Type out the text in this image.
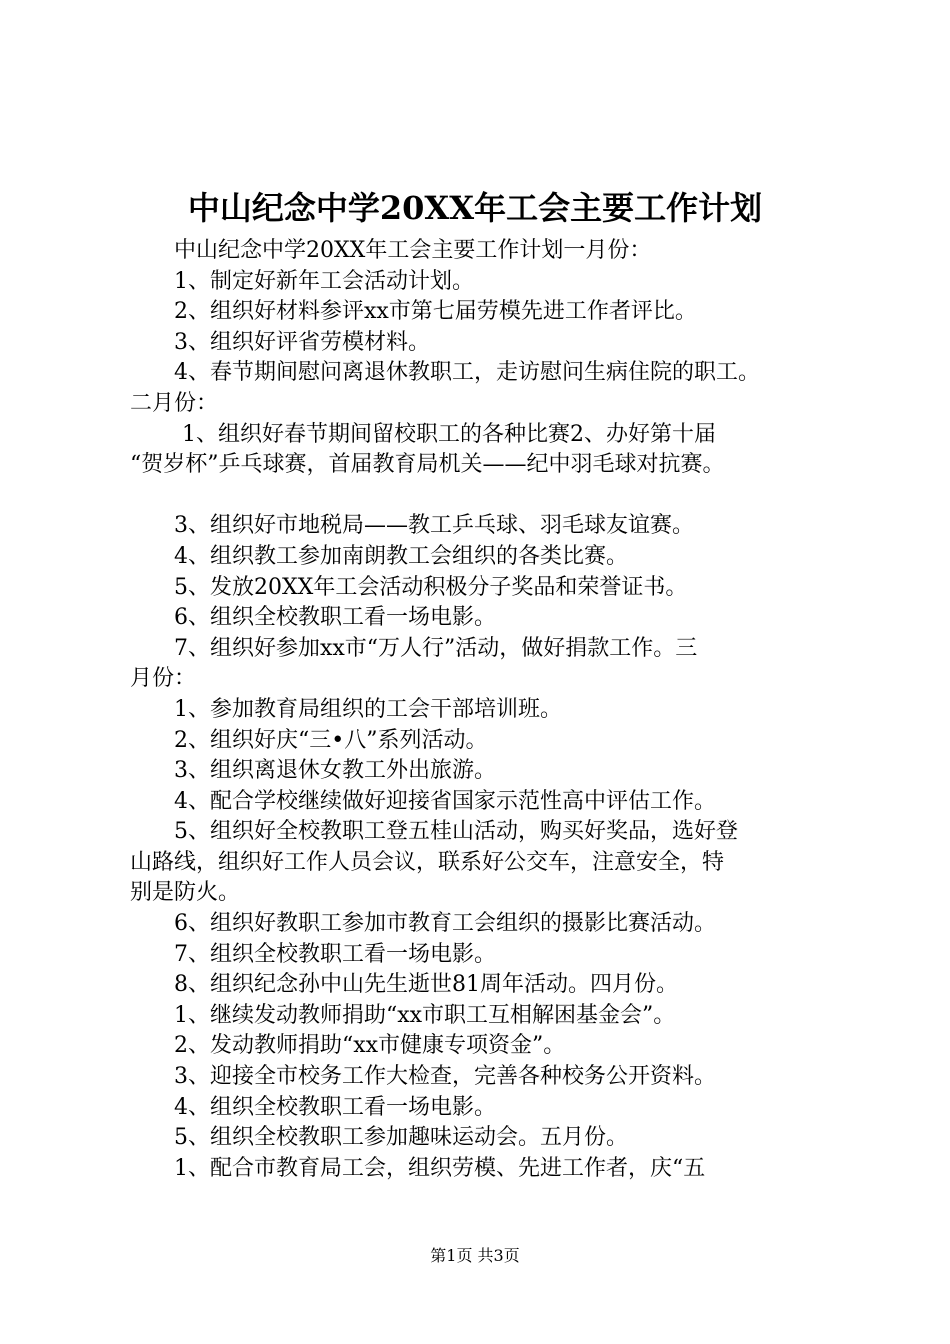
中山纪念中学20XX年工会主要工作计划
中山纪念中学20XX年工会主要工作计划一月份：
1、制定好新年工会活动计划。
2、组织好材料参评xx市第七届劳模先进工作者评比。
3、组织好评省劳模材料。
4、春节期间慰问离退休教职工，走访慰问生病住院的职工。
二月份：
1、组织好春节期间留校职工的各种比赛2、办好第十届
“贺岁杯”乒乓球赛，首届教育局机关——纪中羽毛球对抗赛。
3、组织好市地税局——教工乒乓球、羽毛球友谊赛。
4、组织教工参加南朗教工会组织的各类比赛。
5、发放20XX年工会活动积极分子奖品和荣誉证书。
6、组织全校教职工看一场电影。
7、组织好参加xx市“万人行”活动，做好捐款工作。三
月份：
1、参加教育局组织的工会干部培训班。
2、组织好庆“三•八”系列活动。
3、组织离退休女教工外出旅游。
4、配合学校继续做好迎接省国家示范性高中评估工作。
5、组织好全校教职工登五桂山活动，购买好奖品，选好登
山路线，组织好工作人员会议，联系好公交车，注意安全，特
别是防火。
6、组织好教职工参加市教育工会组织的摄影比赛活动。
7、组织全校教职工看一场电影。
8、组织纪念孙中山先生逝世81周年活动。四月份。
1、继续发动教师捐助“xx市职工互相解困基金会”。
2、发动教师捐助“xx市健康专项资金”。
3、迎接全市校务工作大检查，完善各种校务公开资料。
4、组织全校教职工看一场电影。
5、组织全校教职工参加趣味运动会。五月份。
1、配合市教育局工会，组织劳模、先进工作者，庆“五
第1页 共3页
